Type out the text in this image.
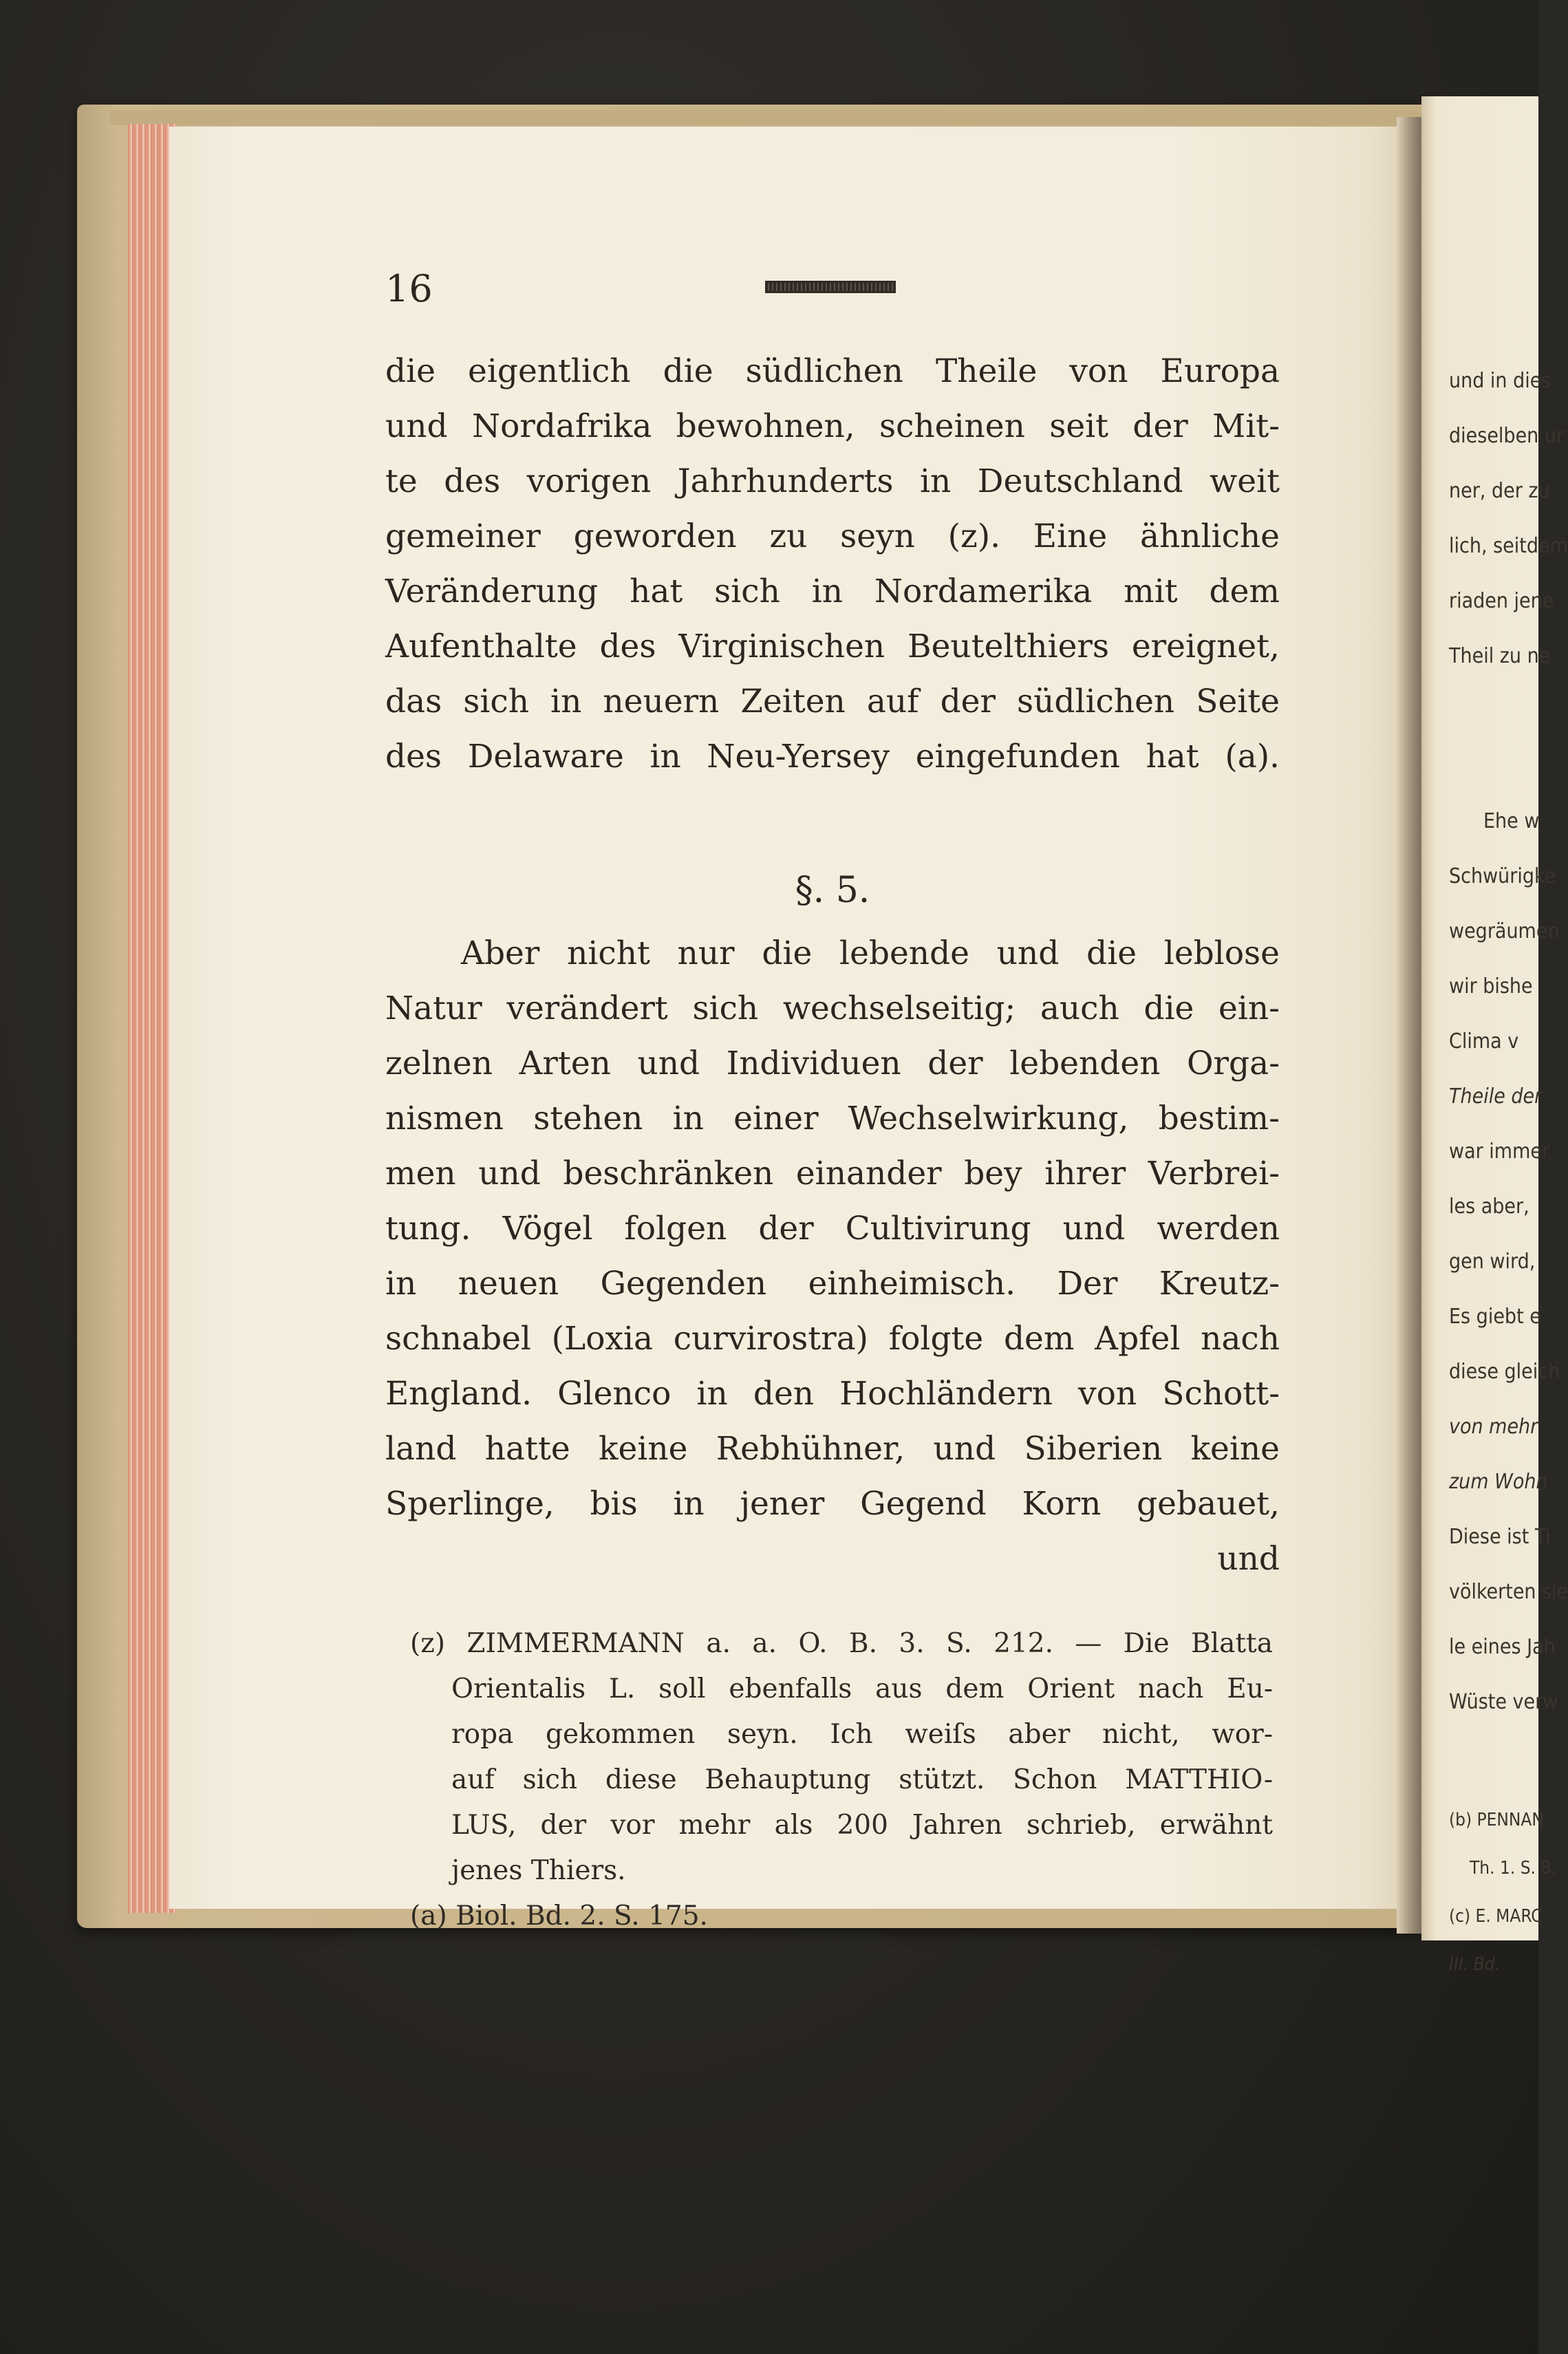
16
die eigentlich die südlichen Theile von Europa
und Nordafrika bewohnen, scheinen seit der Mit-
te des vorigen Jahrhunderts in Deutschland weit
gemeiner geworden zu seyn (z). Eine ähnliche
Veränderung hat sich in Nordamerika mit dem
Aufenthalte des Virginischen Beutelthiers ereignet,
das sich in neuern Zeiten auf der südlichen Seite
des Delaware in Neu-Yersey eingefunden hat (a).
§. 5.
Aber nicht nur die lebende und die leblose
Natur verändert sich wechselseitig; auch die ein-
zelnen Arten und Individuen der lebenden Orga-
nismen stehen in einer Wechselwirkung, bestim-
men und beschränken einander bey ihrer Verbrei-
tung. Vögel folgen der Cultivirung und werden
in neuen Gegenden einheimisch. Der Kreutz-
schnabel (Loxia curvirostra) folgte dem Apfel nach
England. Glenco in den Hochländern von Schott-
land hatte keine Rebhühner, und Siberien keine
Sperlinge, bis in jener Gegend Korn gebauet,
und
(z) ZIMMERMANN a. a. O. B. 3. S. 212. — Die Blatta
Orientalis L. soll ebenfalls aus dem Orient nach Eu-
ropa gekommen seyn. Ich weiſs aber nicht, wor-
auf sich diese Behauptung stützt. Schon MATTHIO-
LUS, der vor mehr als 200 Jahren schrieb, erwähnt
jenes Thiers.
(a) Biol. Bd. 2. S. 175.
und in dies
dieselben ur
ner, der zu
lich, seitdem
riaden jene
Theil zu ne
Ehe w
Schwürigke
wegräumen
wir bishe
Clima v
Theile der
war immer
les aber,
gen wird,
Es giebt e
diese gleich
von mehr
zum Wohn
Diese ist Ti
völkerten sie
le eines Jah
Wüste verw
(b) PENNAN
Th. 1. S. 8.
(c) E. MARC
III. Bd.
